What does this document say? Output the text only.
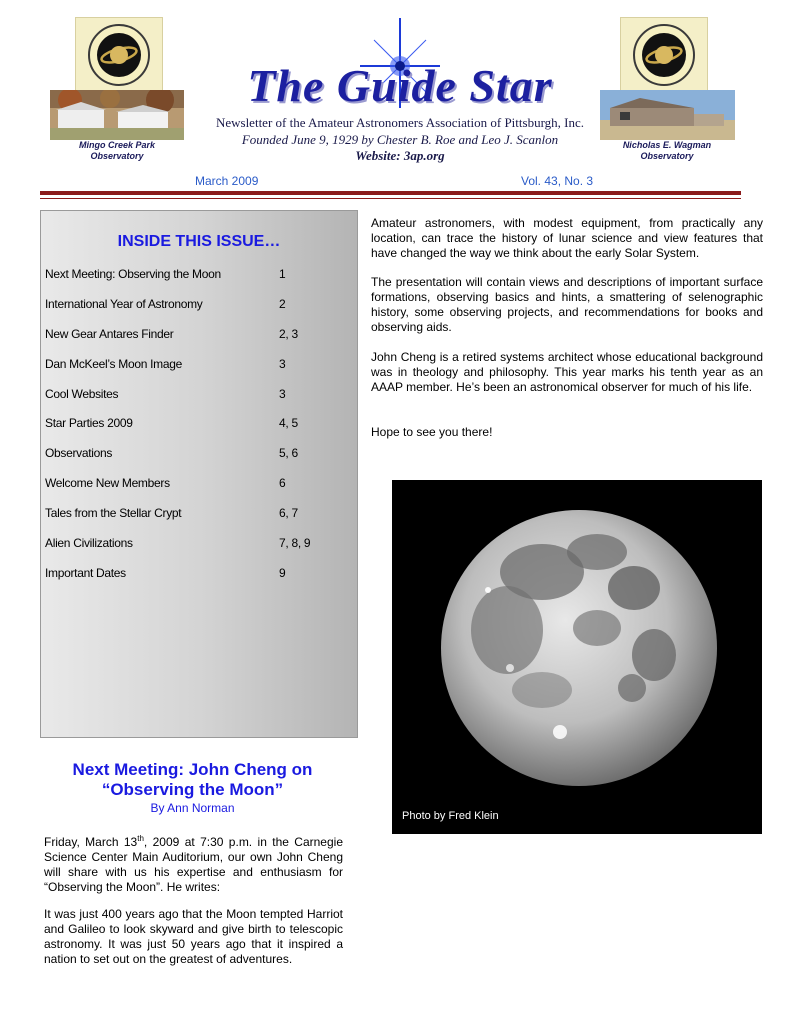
Mingo Creek Park
Observatory
Nicholas E. Wagman
Observatory
The Guide Star
Newsletter of the Amateur Astronomers Association of Pittsburgh, Inc.
Founded June 9, 1929 by Chester B. Roe and Leo J. Scanlon
Website: 3ap.org
March 2009	Vol. 43, No. 3
INSIDE THIS ISSUE…
Next Meeting: Observing the Moon	1
International Year of Astronomy	2
New Gear Antares Finder	2, 3
Dan McKeel’s Moon Image	3
Cool Websites	3
Star Parties 2009	4, 5
Observations	5, 6
Welcome New Members	6
Tales from the Stellar Crypt	6, 7
Alien Civilizations	7, 8, 9
Important Dates	9
Next Meeting: John Cheng on
“Observing the Moon”
By Ann Norman
Friday, March 13th, 2009 at 7:30 p.m. in the Carnegie Science Center Main Auditorium, our own John Cheng will share with us his expertise and enthusiasm for “Observing the Moon”. He writes:
It was just 400 years ago that the Moon tempted Harriot and Galileo to look skyward and give birth to telescopic astronomy. It was just 50 years ago that it inspired a nation to set out on the greatest of adventures.
Amateur astronomers, with modest equipment, from practically any location, can trace the history of lunar science and view features that have changed the way we think about the early Solar System.
The presentation will contain views and descriptions of important surface formations, observing basics and hints, a smattering of selenographic history, some observing projects, and recommendations for books and observing aids.
John Cheng is a retired systems architect whose educational background was in theology and philosophy. This year marks his tenth year as an AAAP member. He’s been an astronomical observer for much of his life.
Hope to see you there!
Photo by Fred Klein
